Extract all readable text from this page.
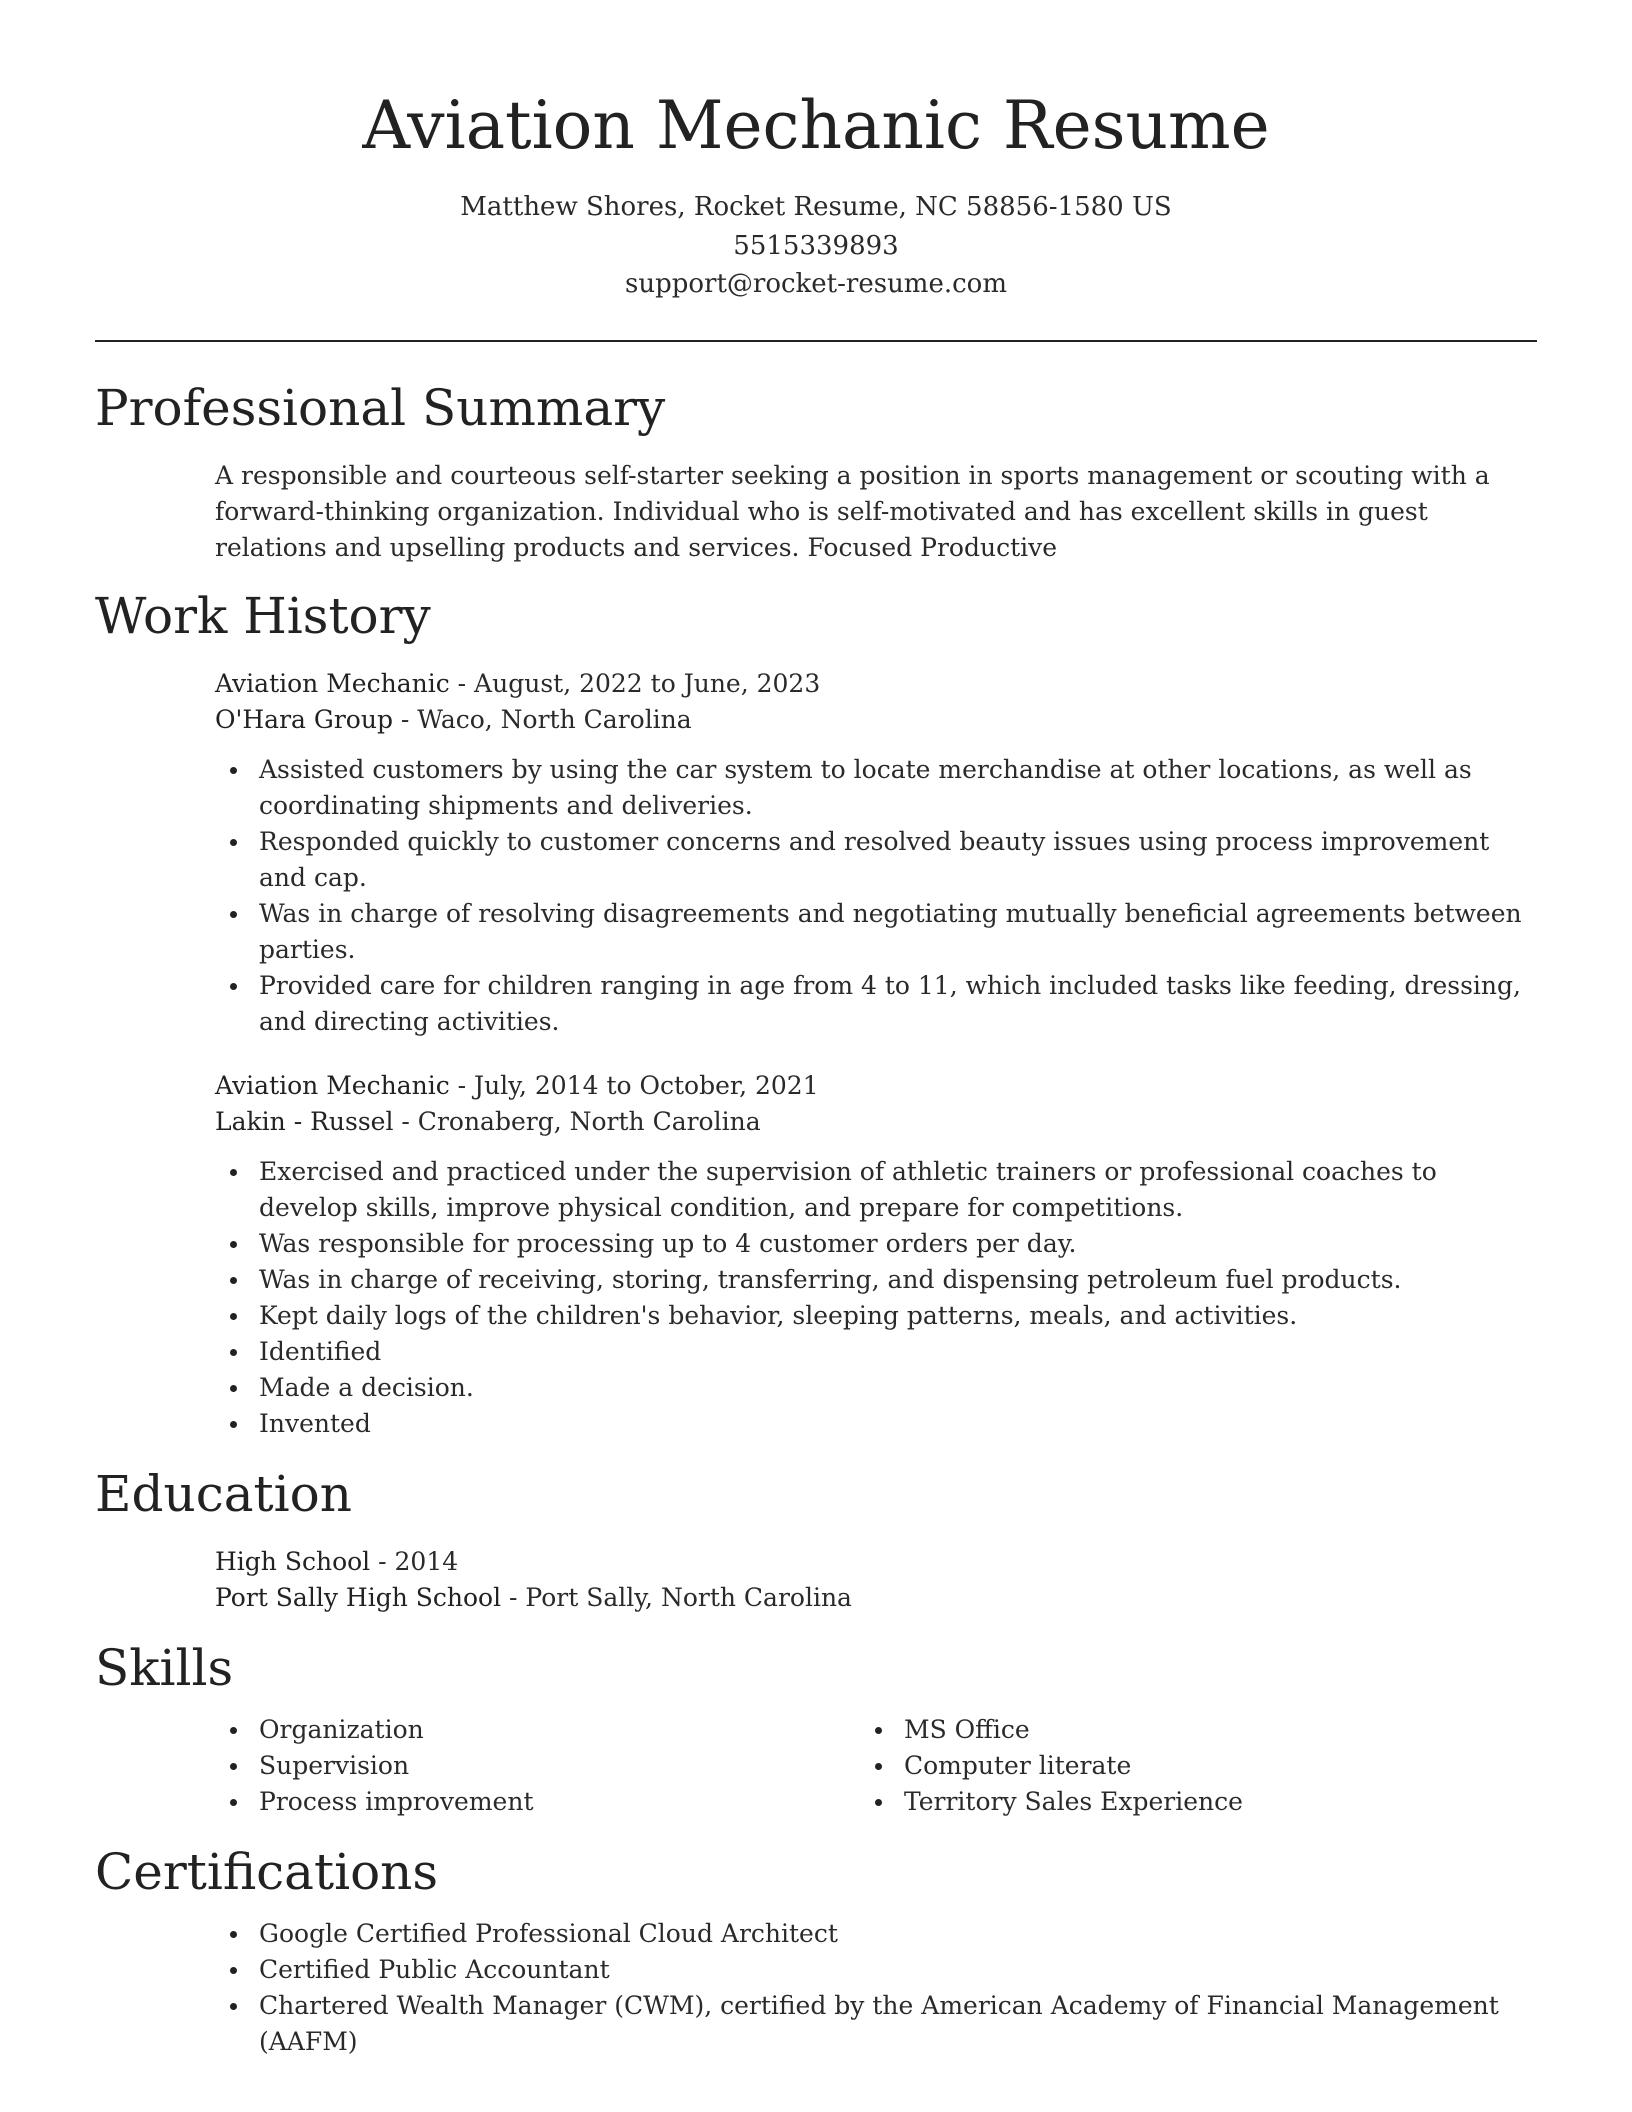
Aviation Mechanic Resume
Matthew Shores, Rocket Resume, NC 58856-1580 US
5515339893
support@rocket-resume.com
Professional Summary

A responsible and courteous self-starter seeking a position in sports management or scouting with a forward-thinking organization. Individual who is self-motivated and has excellent skills in guest relations and upselling products and services. Focused Productive

Work History
Aviation Mechanic - August, 2022 to June, 2023
O'Hara Group - Waco, North Carolina
Assisted customers by using the car system to locate merchandise at other locations, as well as coordinating shipments and deliveries.
Responded quickly to customer concerns and resolved beauty issues using process improvement and cap.
Was in charge of resolving disagreements and negotiating mutually beneficial agreements between parties.
Provided care for children ranging in age from 4 to 11, which included tasks like feeding, dressing, and directing activities.
Aviation Mechanic - July, 2014 to October, 2021
Lakin - Russel - Cronaberg, North Carolina
Exercised and practiced under the supervision of athletic trainers or professional coaches to develop skills, improve physical condition, and prepare for competitions.
Was responsible for processing up to 4 customer orders per day.
Was in charge of receiving, storing, transferring, and dispensing petroleum fuel products.
Kept daily logs of the children's behavior, sleeping patterns, meals, and activities.
Identified
Made a decision.
Invented
Education
High School - 2014
Port Sally High School - Port Sally, North Carolina
Skills
Organization
Supervision
Process improvement
MS Office
Computer literate
Territory Sales Experience
Certifications
Google Certified Professional Cloud Architect
Certified Public Accountant
Chartered Wealth Manager (CWM), certified by the American Academy of Financial Management (AAFM)
